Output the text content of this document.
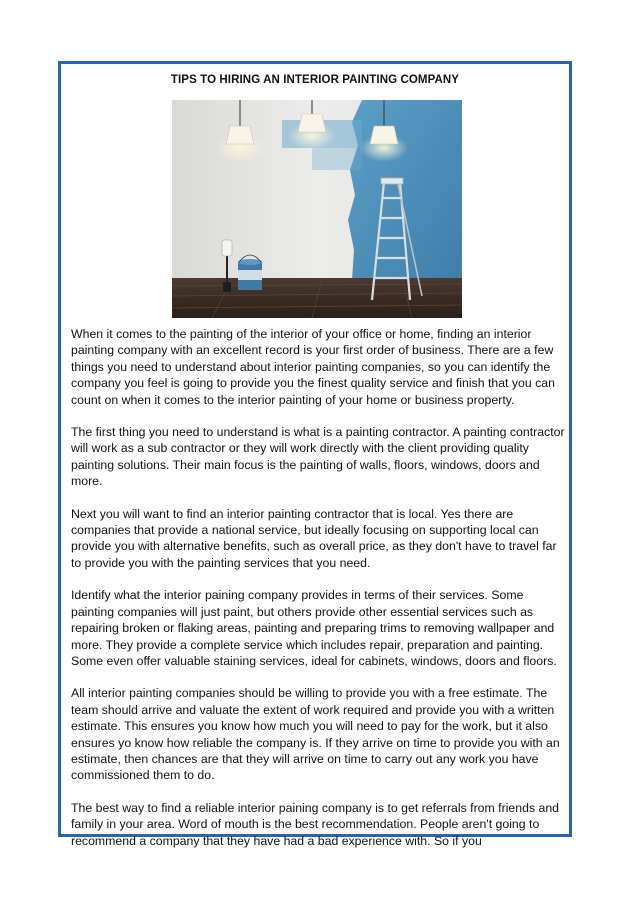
TIPS TO HIRING AN INTERIOR PAINTING COMPANY

When it comes to the painting of the interior of your office or home, finding an interior painting company with an excellent record is your first order of business. There are a few things you need to understand about interior painting companies, so you can identify the company you feel is going to provide you the finest quality service and finish that you can count on when it comes to the interior painting of your home or business property.

The first thing you need to understand is what is a painting contractor. A painting contractor will work as a sub contractor or they will work directly with the client providing quality painting solutions. Their main focus is the painting of walls, floors, windows, doors and more.

Next you will want to find an interior painting contractor that is local. Yes there are companies that provide a national service, but ideally focusing on supporting local can provide you with alternative benefits, such as overall price, as they don't have to travel far to provide you with the painting services that you need.

Identify what the interior paining company provides in terms of their services. Some painting companies will just paint, but others provide other essential services such as repairing broken or flaking areas, painting and preparing trims to removing wallpaper and more. They provide a complete service which includes repair, preparation and painting. Some even offer valuable staining services, ideal for cabinets, windows, doors and floors.

All interior painting companies should be willing to provide you with a free estimate. The team should arrive and valuate the extent of work required and provide you with a written estimate. This ensures you know how much you will need to pay for the work, but it also ensures yo know how reliable the company is. If they arrive on time to provide you with an estimate, then chances are that they will arrive on time to carry out any work you have commissioned them to do.

The best way to find a reliable interior paining company is to get referrals from friends and family in your area. Word of mouth is the best recommendation. People aren't going to recommend a company that they have had a bad experience with. So if you
